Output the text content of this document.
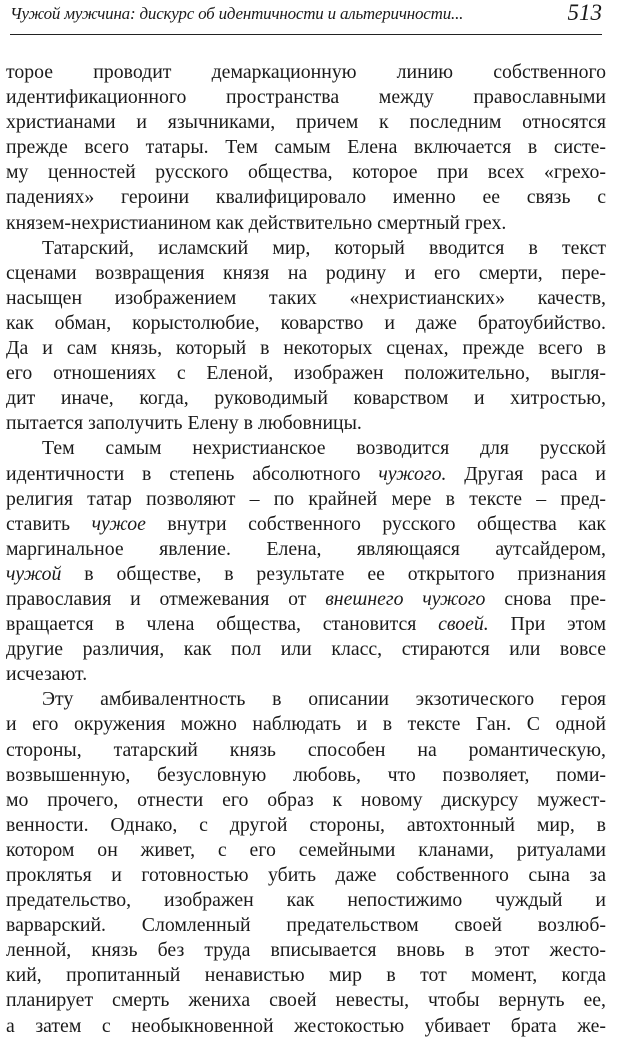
Чужой мужчина: дискурс об идентичности и альтеричности...	513
торое проводит демаркационную линию собственного
идентификационного пространства между православными
христианами и язычниками, причем к последним относятся
прежде всего татары. Тем самым Елена включается в систе-
му ценностей русского общества, которое при всех «грехо-
падениях» героини квалифицировало именно ее связь с
князем-нехристианином как действительно смертный грех.
Татарский, исламский мир, который вводится в текст
сценами возвращения князя на родину и его смерти, пере-
насыщен изображением таких «нехристианских» качеств,
как обман, корыстолюбие, коварство и даже братоубийство.
Да и сам князь, который в некоторых сценах, прежде всего в
его отношениях с Еленой, изображен положительно, выгля-
дит иначе, когда, руководимый коварством и хитростью,
пытается заполучить Елену в любовницы.
Тем самым нехристианское возводится для русской
идентичности в степень абсолютного чужого. Другая раса и
религия татар позволяют – по крайней мере в тексте – пред-
ставить чужое внутри собственного русского общества как
маргинальное явление. Елена, являющаяся аутсайдером,
чужой в обществе, в результате ее открытого признания
православия и отмежевания от внешнего чужого снова пре-
вращается в члена общества, становится своей. При этом
другие различия, как пол или класс, стираются или вовсе
исчезают.
Эту амбивалентность в описании экзотического героя
и его окружения можно наблюдать и в тексте Ган. С одной
стороны, татарский князь способен на романтическую,
возвышенную, безусловную любовь, что позволяет, поми-
мо прочего, отнести его образ к новому дискурсу мужест-
венности. Однако, с другой стороны, автохтонный мир, в
котором он живет, с его семейными кланами, ритуалами
проклятья и готовностью убить даже собственного сына за
предательство, изображен как непостижимо чуждый и
варварский. Сломленный предательством своей возлюб-
ленной, князь без труда вписывается вновь в этот жесто-
кий, пропитанный ненавистью мир в тот момент, когда
планирует смерть жениха своей невесты, чтобы вернуть ее,
а затем с необыкновенной жестокостью убивает брата же-
